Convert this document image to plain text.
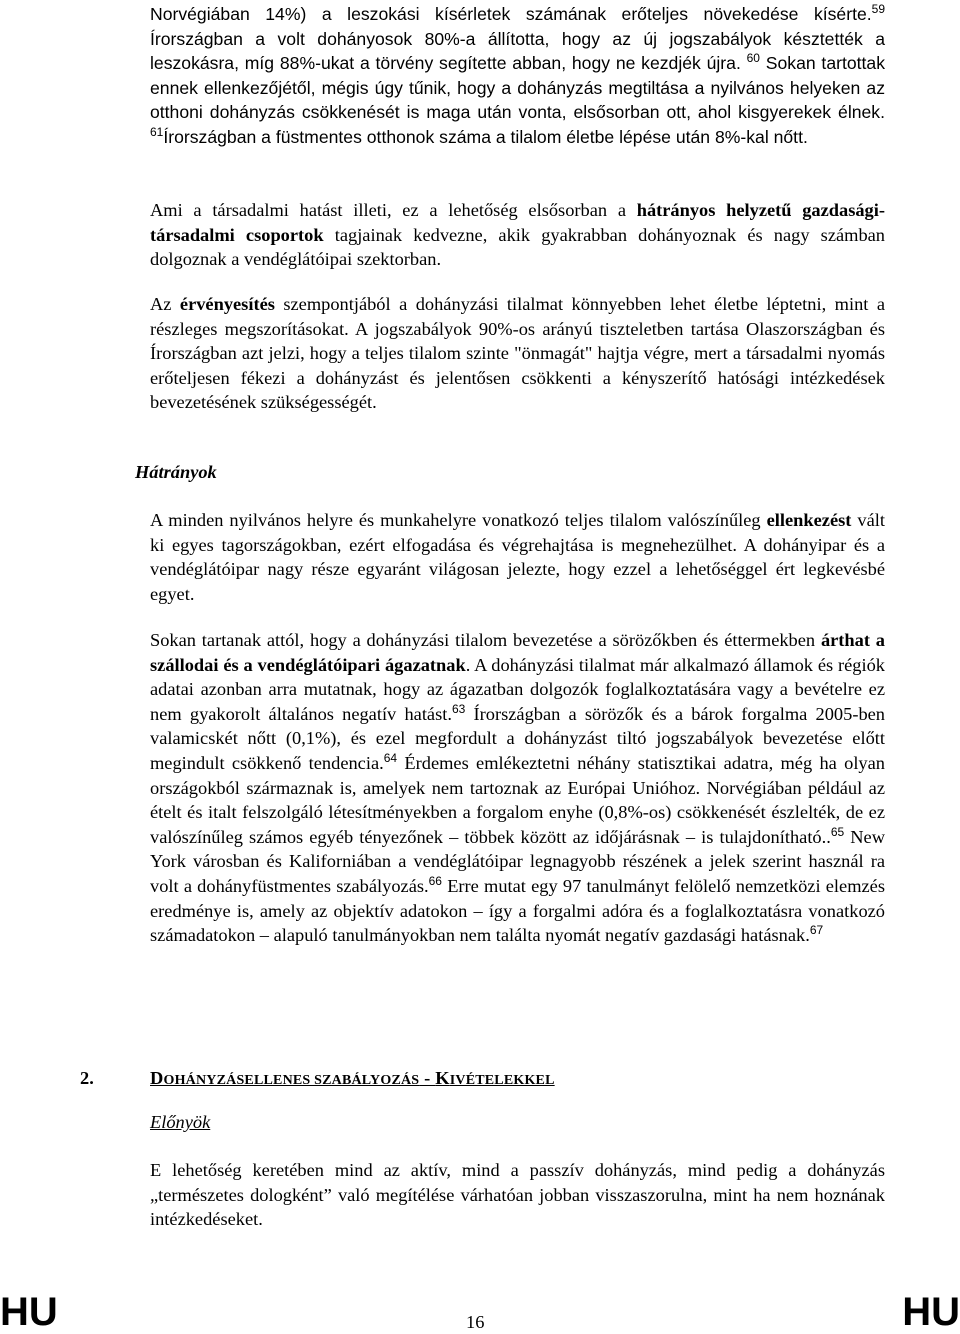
Norvégiában 14%) a leszokási kísérletek számának erőteljes növekedése kísérte.$^{59}$ Írországban a volt dohányosok 80%-a állította, hogy az új jogszabályok késztették a leszokásra, míg 88%-ukat a törvény segítette abban, hogy ne kezdjék újra. $^{60}$ Sokan tartottak ennek ellenkezőjétől, mégis úgy tűnik, hogy a dohányzás megtiltása a nyilvános helyeken az otthoni dohányzás csökkenését is maga után vonta, elsősorban ott, ahol kisgyerekek élnek. $^{61}$Írországban a füstmentes otthonok száma a tilalom életbe lépése után 8%-kal nőtt.

Ami a társadalmi hatást illeti, ez a lehetőség elsősorban a hátrányos helyzetű gazdasági-társadalmi csoportok tagjainak kedvezne, akik gyakrabban dohányoznak és nagy számban dolgoznak a vendéglátóipai szektorban.

Az érvényesítés szempontjából a dohányzási tilalmat könnyebben lehet életbe léptetni, mint a részleges megszorításokat. A jogszabályok 90%-os arányú tiszteletben tartása Olaszországban és Írországban azt jelzi, hogy a teljes tilalom szinte "önmagát" hajtja végre, mert a társadalmi nyomás erőteljesen fékezi a dohányzást és jelentősen csökkenti a kényszerítő hatósági intézkedések bevezetésének szükségességét.

Hátrányok

A minden nyilvános helyre és munkahelyre vonatkozó teljes tilalom valószínűleg ellenkezést vált ki egyes tagországokban, ezért elfogadása és végrehajtása is megnehezülhet. A dohányipar és a vendéglátóipar nagy része egyaránt világosan jelezte, hogy ezzel a lehetőséggel ért legkevésbé egyet.

Sokan tartanak attól, hogy a dohányzási tilalom bevezetése a sörözőkben és éttermekben árthat a szállodai és a vendéglátóipari ágazatnak. A dohányzási tilalmat már alkalmazó államok és régiók adatai azonban arra mutatnak, hogy az ágazatban dolgozók foglalkoztatására vagy a bevételre ez nem gyakorolt általános negatív hatást.$^{63}$ Írországban a sörözők és a bárok forgalma 2005-ben valamicskét nőtt (0,1%), és ezel megfordult a dohányzást tiltó jogszabályok bevezetése előtt megindult csökkenő tendencia.$^{64}$ Érdemes emlékeztetni néhány statisztikai adatra, még ha olyan országokból származnak is, amelyek nem tartoznak az Európai Unióhoz. Norvégiában például az ételt és italt felszolgáló létesítményekben a forgalom enyhe (0,8%-os) csökkenését észlelték, de ez valószínűleg számos egyéb tényezőnek – többek között az időjárásnak – is tulajdonítható..$^{65}$ New York városban és Kaliforniában a vendéglátóipar legnagyobb részének a jelek szerint használ ra volt a dohányfüstmentes szabályozás.$^{66}$ Erre mutat egy 97 tanulmányt felölelő nemzetközi elemzés eredménye is, amely az objektív adatokon – így a forgalmi adóra és a foglalkoztatásra vonatkozó számadatokon – alapuló tanulmányokban nem találta nyomát negatív gazdasági hatásnak.$^{67}$

2.	DOHÁNYZÁSELLENES SZABÁLYOZÁS - KIVÉTELEKKEL

Előnyök

E lehetőség keretében mind az aktív, mind a passzív dohányzás, mind pedig a dohányzás „természetes dologként” való megítélése várhatóan jobban visszaszorulna, mint ha nem hoznának intézkedéseket.

HU	16	HU
